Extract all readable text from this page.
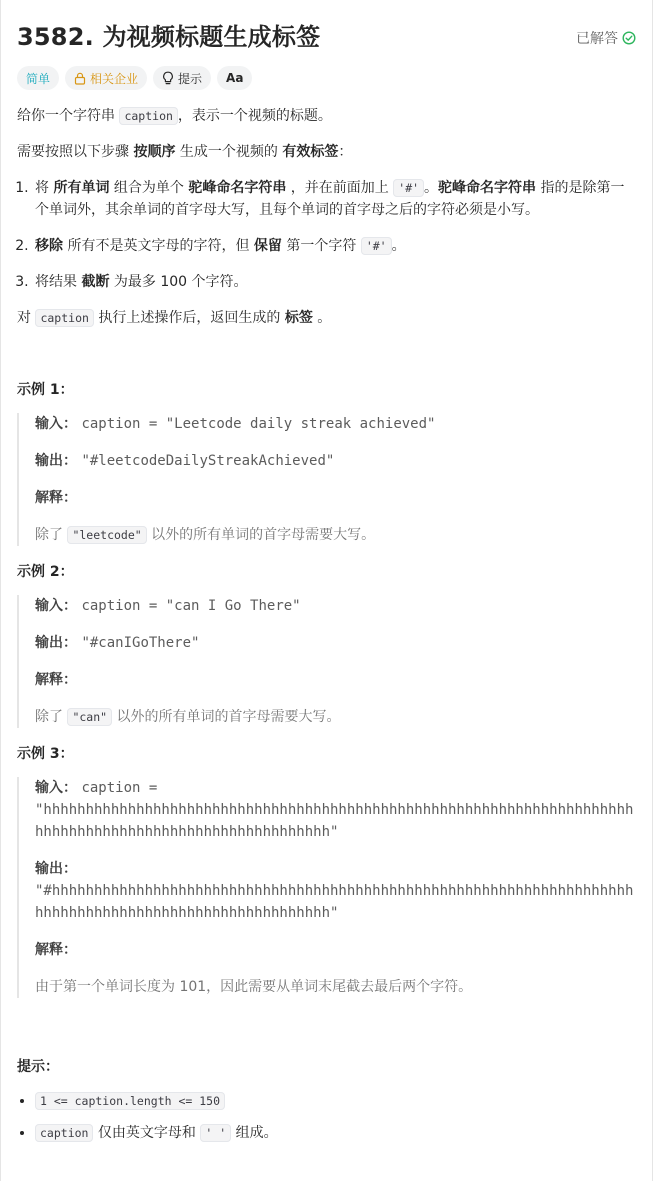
3582. 为视频标题生成标签	已解答
简单	相关企业	提示 Aa

给你一个字符串 caption ，表示一个视频的标题。

需要按照以下步骤 按顺序 生成一个视频的 有效标签：

1. 将 所有单词 组合为单个 驼峰命名字符串 ，并在前面加上 '#' 。驼峰命名字符串 指的是除第一
个单词外，其余单词的首字母大写，且每个单词的首字母之后的字符必须是小写。
2. 移除 所有不是英文字母的字符，但 保留 第一个字符 '#' 。
3. 将结果 截断 为最多 100 个字符。

对 caption 执行上述操作后，返回生成的 标签 。

示例 1：

输入： caption = "Leetcode daily streak achieved"
输出： "#leetcodeDailyStreakAchieved"
解释：
除了 "leetcode" 以外的所有单词的首字母需要大写。

示例 2：

输入： caption = "can I Go There"
输出： "#canIGoThere"
解释：
除了 "can" 以外的所有单词的首字母需要大写。

示例 3：

输入： caption =
"hhhhhhhhhhhhhhhhhhhhhhhhhhhhhhhhhhhhhhhhhhhhhhhhhhhhhhhhhhhhhhhhhhhhhhhhhhhhhhhhhhhhhhhhhhhhhhhhhhhhhhhhh"
输出：
"#hhhhhhhhhhhhhhhhhhhhhhhhhhhhhhhhhhhhhhhhhhhhhhhhhhhhhhhhhhhhhhhhhhhhhhhhhhhhhhhhhhhhhhhhhhhhhhhhhhhhhhhh"
解释：
由于第一个单词长度为 101，因此需要从单词末尾截去最后两个字符。

提示：

• 1 <= caption.length <= 150
• caption 仅由英文字母和 ' ' 组成。
